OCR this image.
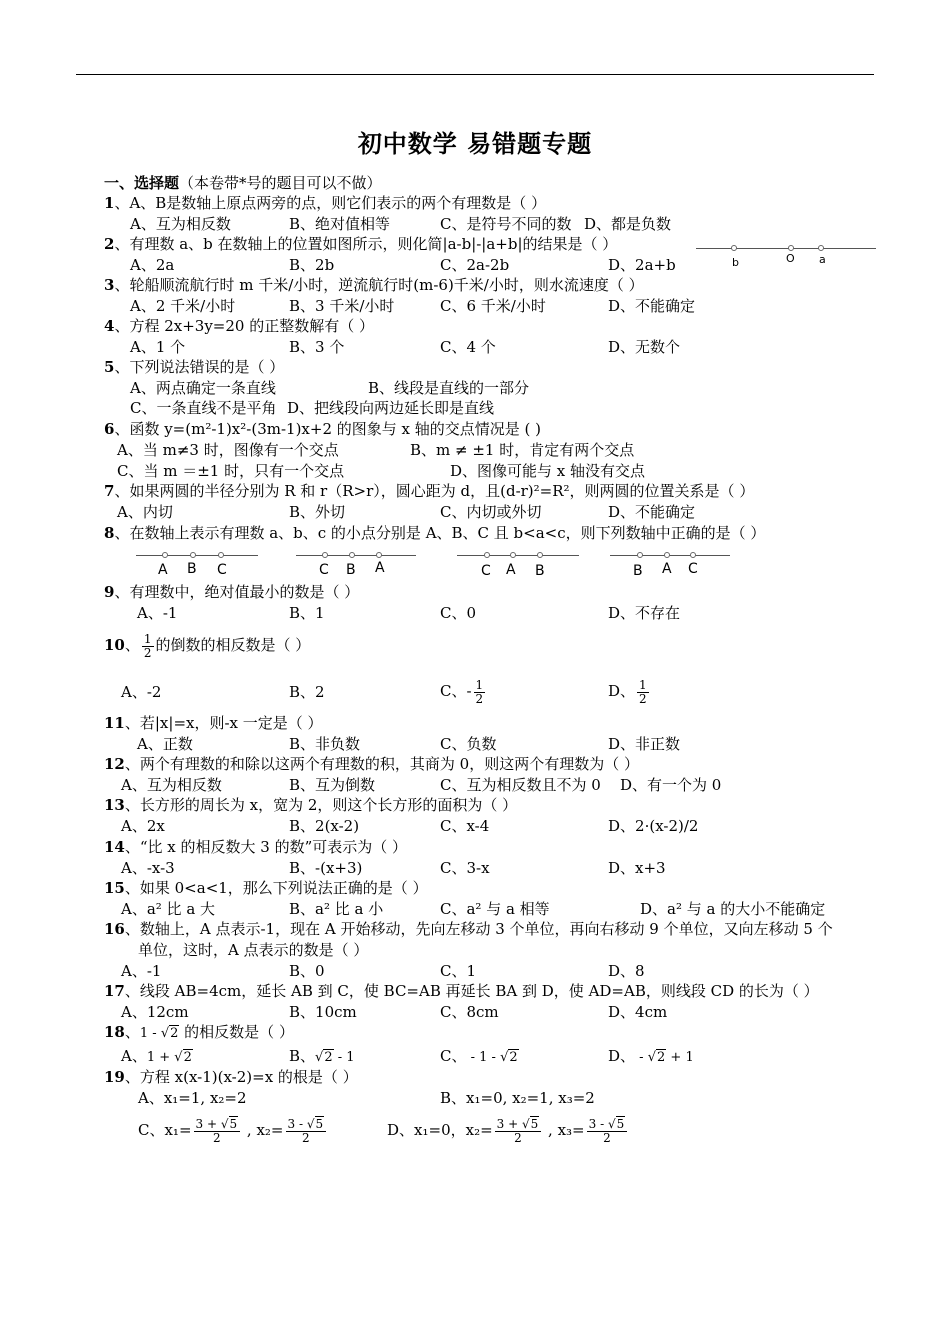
初中数学 易错题专题
一、选择题（本卷带*号的题目可以不做）
1、A、B是数轴上原点两旁的点，则它们表示的两个有理数是（ ）
A、互为相反数	B、绝对值相等	C、是符号不同的数 D、都是负数
2、有理数 a、b 在数轴上的位置如图所示，则化简|a-b|-|a+b|的结果是（ ）
A、2a	B、2b	C、2a-2b	D、2a+b	b	O a
3、轮船顺流航行时 m 千米/小时，逆流航行时(m-6)千米/小时，则水流速度（ ）
A、2 千米/小时	B、3 千米/小时	C、6 千米/小时	D、不能确定
4、方程 2x+3y=20 的正整数解有（ ）
A、1 个	B、3 个	C、4 个	D、无数个
5、下列说法错误的是（ ）
A、两点确定一条直线	B、线段是直线的一部分
C、一条直线不是平角 D、把线段向两边延长即是直线
6、函数 y=(m²-1)x²-(3m-1)x+2 的图象与 x 轴的交点情况是 ( )
A、当 m≠3 时，图像有一个交点	B、m ≠ ±1 时，肯定有两个交点
C、当 m ＝±1 时，只有一个交点	D、图像可能与 x 轴没有交点
7、如果两圆的半径分别为 R 和 r（R>r），圆心距为 d，且(d-r)²=R²，则两圆的位置关系是（ ）
A、内切	B、外切	C、内切或外切	D、不能确定
8、在数轴上表示有理数 a、b、c 的小点分别是 A、B、C 且 b<a<c，则下列数轴中正确的是（ ）
A B C	C B A	C A B	B A C
9、有理数中，绝对值最小的数是（ ）
A、-1	B、1	C、0	D、不存在
10、 $\frac{1}{2}$ 的倒数的相反数是（ ）
A、-2	B、2	C、- $\frac{1}{2}$	D、 $\frac{1}{2}$
11、若|x|=x，则-x 一定是（ ）
A、正数	B、非负数	C、负数	D、非正数
12、两个有理数的和除以这两个有理数的积，其商为 0，则这两个有理数为（ ）
A、互为相反数	B、互为倒数	C、互为相反数且不为 0 D、有一个为 0
13、长方形的周长为 x，宽为 2，则这个长方形的面积为（ ）
A、2x	B、2(x-2)	C、x-4	D、2·(x-2)/2
14、“比 x 的相反数大 3 的数”可表示为（ ）
A、-x-3	B、-(x+3)	C、3-x	D、x+3
15、如果 0<a<1，那么下列说法正确的是（ ）
A、a² 比 a 大	B、a² 比 a 小	C、a² 与 a 相等	D、a² 与 a 的大小不能确定
16、数轴上，A 点表示-1，现在 A 开始移动，先向左移动 3 个单位，再向右移动 9 个单位，又向左移动 5 个
单位，这时，A 点表示的数是（ ）
A、-1	B、0	C、1	D、8
17、线段 AB=4cm，延长 AB 到 C，使 BC=AB 再延长 BA 到 D，使 AD=AB，则线段 CD 的长为（ ）
A、12cm	B、10cm	C、8cm	D、4cm
18、1 - √2 的相反数是（ ）
A、1 + √2	B、√2 - 1	C、 - 1 - √2	D、 - √2 + 1
19、方程 x(x-1)(x-2)=x 的根是（ ）
A、x₁=1, x₂=2	B、x₁=0, x₂=1, x₃=2
C、$x_1= \frac{3 + √5}{2}$ , $x_2= \frac{3 - √5}{2}$	D、x₁=0，$x_2= \frac{3 + √5}{2}$ , $x_3= \frac{3 - √5}{2}$
